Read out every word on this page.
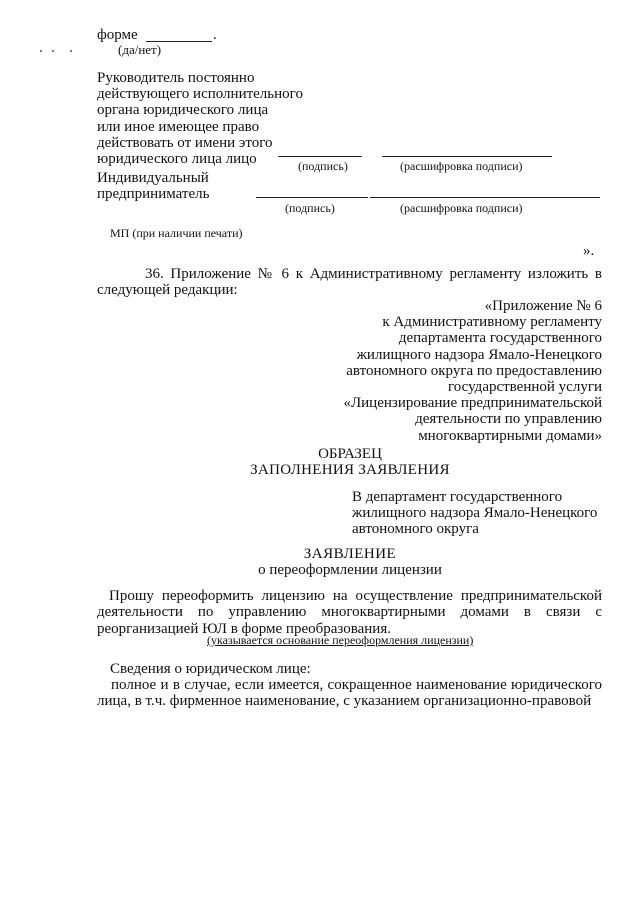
форме	.
(да/нет)
Руководитель постоянно
действующего исполнительного
органа юридического лица
или иное имеющее право
действовать от имени этого
юридического лица лицо	(подпись)	(расшифровка подписи)
Индивидуальный
предприниматель
(подпись)	(расшифровка подписи)
МП (при наличии печати)
».
36. Приложение № 6 к Административному регламенту изложить в
следующей редакции:
«Приложение № 6
к Административному регламенту
департамента государственного
жилищного надзора Ямало-Ненецкого
автономного округа по предоставлению
государственной услуги
«Лицензирование предпринимательской
деятельности по управлению
многоквартирными домами»
ОБРАЗЕЦ
ЗАПОЛНЕНИЯ ЗАЯВЛЕНИЯ
В департамент государственного
жилищного надзора Ямало-Ненецкого
автономного округа
ЗАЯВЛЕНИЕ
о переоформлении лицензии
Прошу переоформить лицензию на осуществление предпринимательской
деятельности по управлению многоквартирными домами в связи с
реорганизацией ЮЛ в форме преобразования.
(указывается основание переоформления лицензии)
Сведения о юридическом лице:
полное и в случае, если имеется, сокращенное наименование юридического
лица, в т.ч. фирменное наименование, с указанием организационно-правовой
